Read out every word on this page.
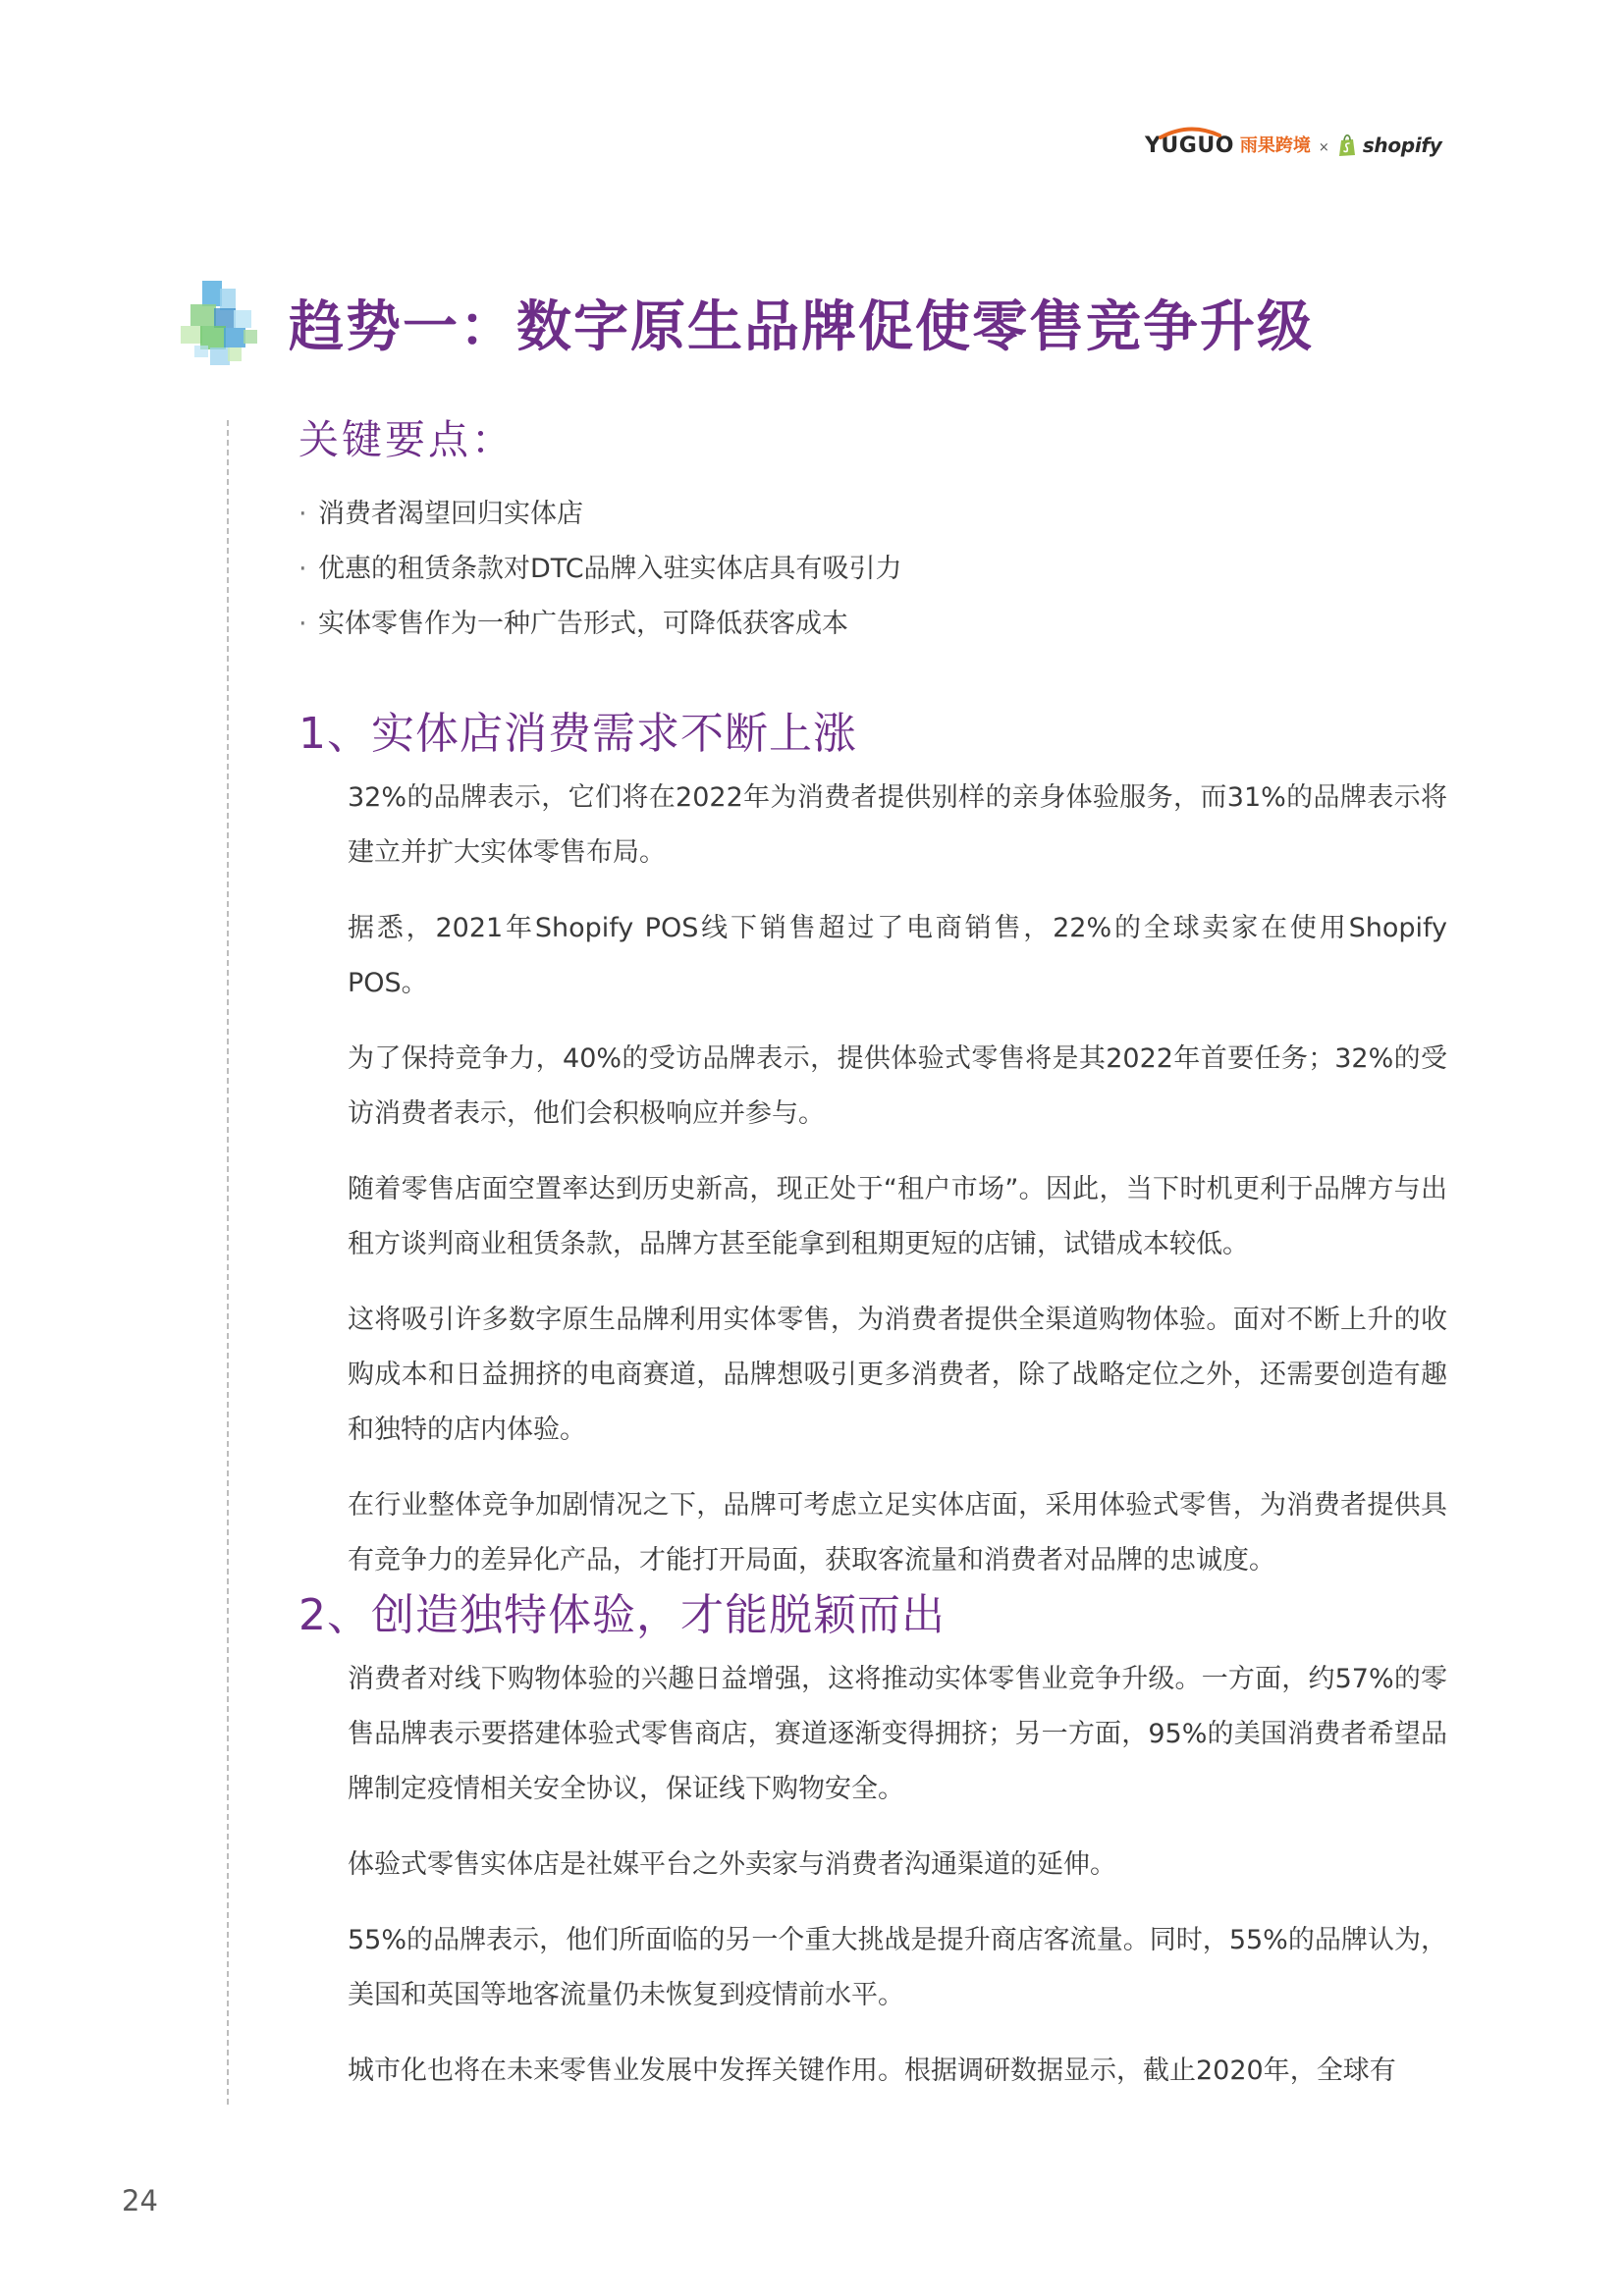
YUGUO 雨果跨境 × shopify
趋势一：数字原生品牌促使零售竞争升级
关键要点：
· 消费者渴望回归实体店
· 优惠的租赁条款对DTC品牌入驻实体店具有吸引力
· 实体零售作为一种广告形式，可降低获客成本
1、实体店消费需求不断上涨

32%的品牌表示，它们将在2022年为消费者提供别样的亲身体验服务，而31%的品牌表示将建立并扩大实体零售布局。

据悉，2021年Shopify POS线下销售超过了电商销售，22%的全球卖家在使用Shopify POS。

为了保持竞争力，40%的受访品牌表示，提供体验式零售将是其2022年首要任务；32%的受访消费者表示，他们会积极响应并参与。

随着零售店面空置率达到历史新高，现正处于“租户市场”。因此，当下时机更利于品牌方与出租方谈判商业租赁条款，品牌方甚至能拿到租期更短的店铺，试错成本较低。

这将吸引许多数字原生品牌利用实体零售，为消费者提供全渠道购物体验。面对不断上升的收购成本和日益拥挤的电商赛道，品牌想吸引更多消费者，除了战略定位之外，还需要创造有趣和独特的店内体验。

在行业整体竞争加剧情况之下，品牌可考虑立足实体店面，采用体验式零售，为消费者提供具有竞争力的差异化产品，才能打开局面，获取客流量和消费者对品牌的忠诚度。

2、创造独特体验，才能脱颖而出

消费者对线下购物体验的兴趣日益增强，这将推动实体零售业竞争升级。一方面，约57%的零售品牌表示要搭建体验式零售商店，赛道逐渐变得拥挤；另一方面，95%的美国消费者希望品牌制定疫情相关安全协议，保证线下购物安全。

体验式零售实体店是社媒平台之外卖家与消费者沟通渠道的延伸。

55%的品牌表示，他们所面临的另一个重大挑战是提升商店客流量。同时，55%的品牌认为，美国和英国等地客流量仍未恢复到疫情前水平。

城市化也将在未来零售业发展中发挥关键作用。根据调研数据显示，截止2020年，全球有

24
